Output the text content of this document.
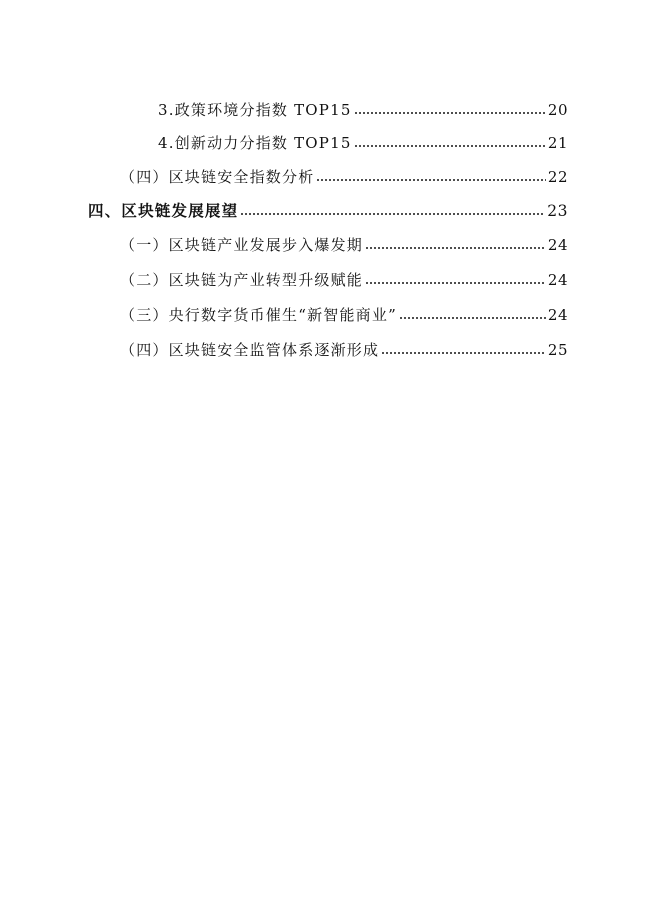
3.政策环境分指数 TOP15	20
4.创新动力分指数 TOP15	21
（四）区块链安全指数分析	22
四、区块链发展展望	23
（一）区块链产业发展步入爆发期	24
（二）区块链为产业转型升级赋能	24
（三）央行数字货币催生“新智能商业”	24
（四）区块链安全监管体系逐渐形成	25
